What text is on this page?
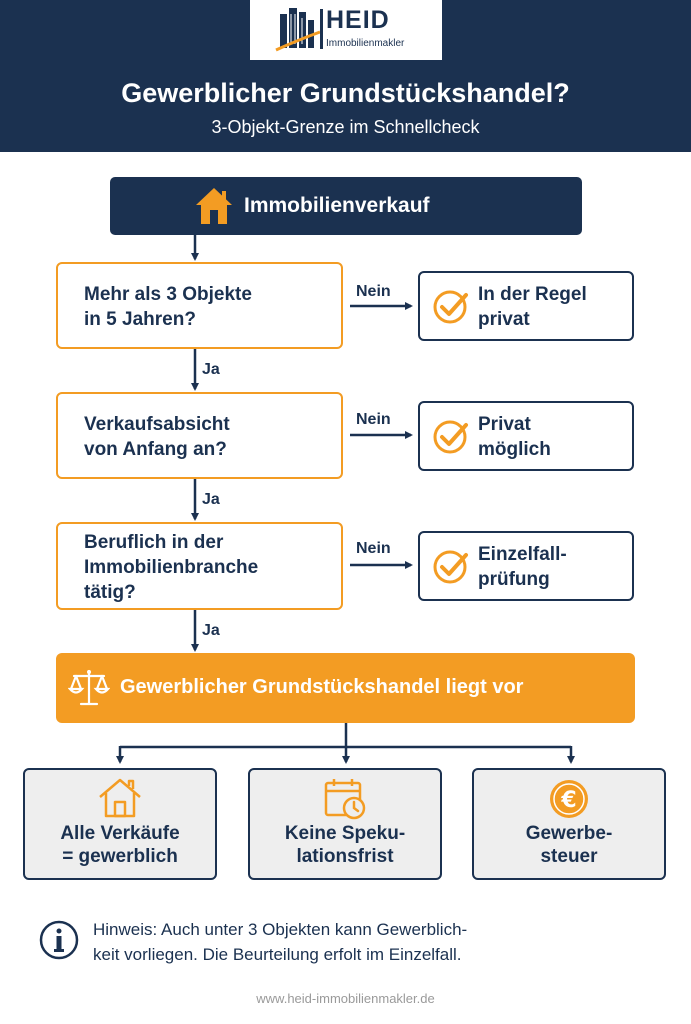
HEID
Immobilienmakler
Gewerblicher Grundstückshandel?
3-Objekt-Grenze im Schnellcheck
Immobilienverkauf
Mehr als 3 Objekte
in 5 Jahren?
Nein	In der Regel
privat
Ja
Verkaufsabsicht
von Anfang an?
Nein	Privat
möglich
Ja
Beruflich in der
Immobilienbranche
tätig?
Nein	Einzelfall-
prüfung
Ja
Gewerblicher Grundstückshandel liegt vor
Alle Verkäufe
= gewerblich
Keine Speku-
lationsfrist
€
Gewerbe-
steuer
Hinweis: Auch unter 3 Objekten kann Gewerblich-
keit vorliegen. Die Beurteilung erfolt im Einzelfall.
www.heid-immobilienmakler.de
